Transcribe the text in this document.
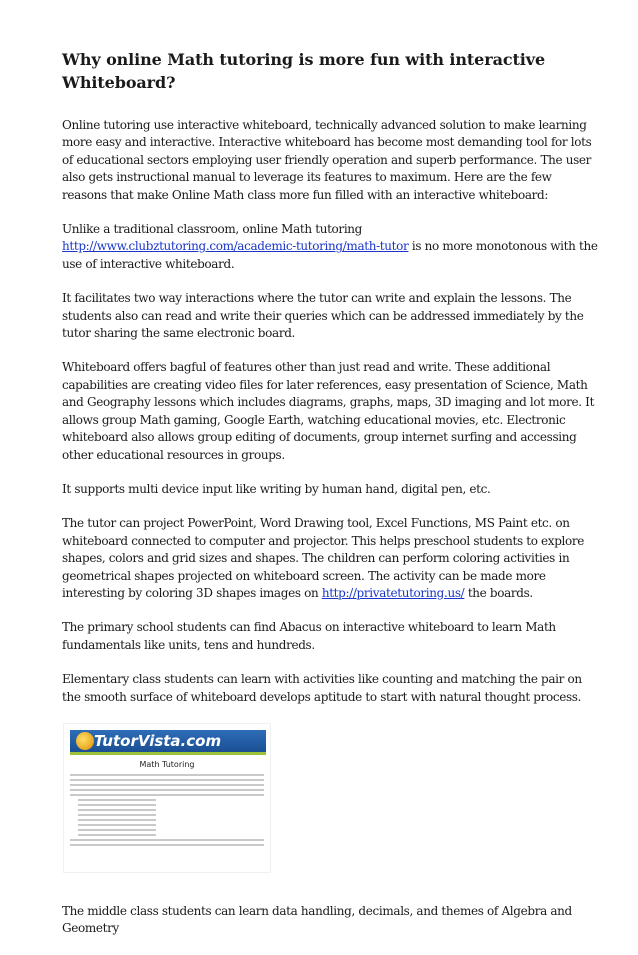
Why online Math tutoring is more fun with interactive Whiteboard?

Online tutoring use interactive whiteboard, technically advanced solution to make learning more easy and interactive. Interactive whiteboard has become most demanding tool for lots of educational sectors employing user friendly operation and superb performance. The user also gets instructional manual to leverage its features to maximum. Here are the few reasons that make Online Math class more fun filled with an interactive whiteboard:

Unlike a traditional classroom, online Math tutoring http://www.clubztutoring.com/academic-tutoring/math-tutor is no more monotonous with the use of interactive whiteboard.

It facilitates two way interactions where the tutor can write and explain the lessons. The students also can read and write their queries which can be addressed immediately by the tutor sharing the same electronic board.

Whiteboard offers bagful of features other than just read and write. These additional capabilities are creating video files for later references, easy presentation of Science, Math and Geography lessons which includes diagrams, graphs, maps, 3D imaging and lot more. It allows group Math gaming, Google Earth, watching educational movies, etc. Electronic whiteboard also allows group editing of documents, group internet surfing and accessing other educational resources in groups.

It supports multi device input like writing by human hand, digital pen, etc.

The tutor can project PowerPoint, Word Drawing tool, Excel Functions, MS Paint etc. on whiteboard connected to computer and projector. This helps preschool students to explore shapes, colors and grid sizes and shapes. The children can perform coloring activities in geometrical shapes projected on whiteboard screen. The activity can be made more interesting by coloring 3D shapes images on http://privatetutoring.us/ the boards.

The primary school students can find Abacus on interactive whiteboard to learn Math fundamentals like units, tens and hundreds.

Elementary class students can learn with activities like counting and matching the pair on the smooth surface of whiteboard develops aptitude to start with natural thought process.

TutorVista.com
Math Tutoring

The middle class students can learn data handling, decimals, and themes of Algebra and Geometry
